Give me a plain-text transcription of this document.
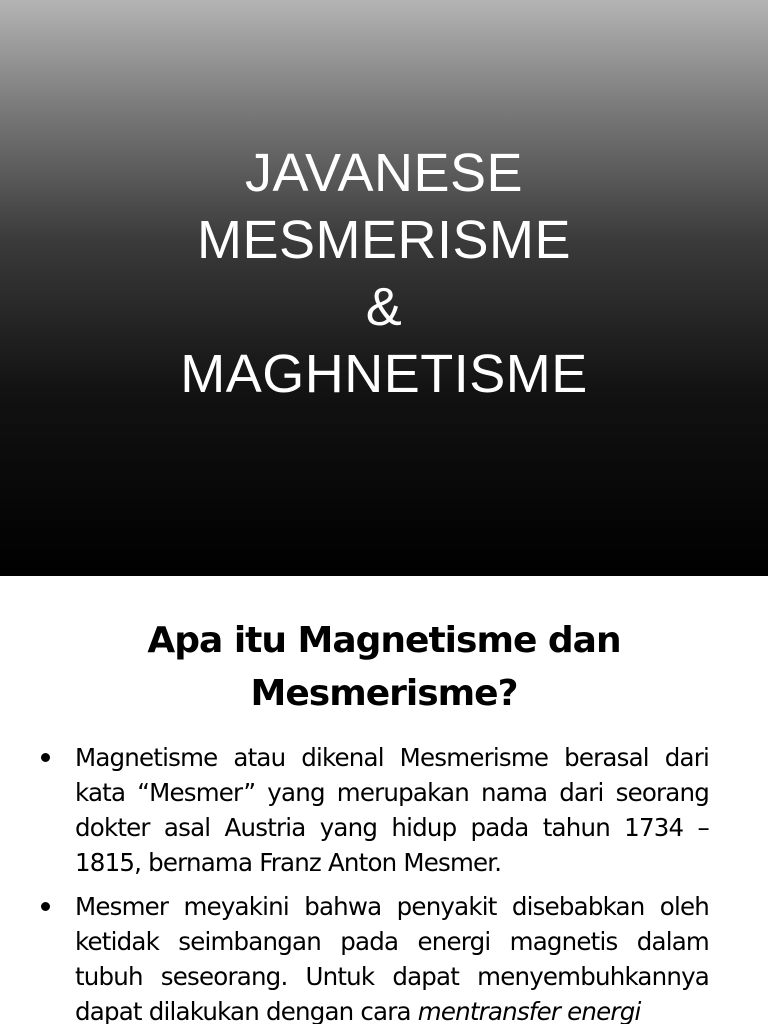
JAVANESE
MESMERISME
&
MAGHNETISME
Apa itu Magnetisme dan
Mesmerisme?
Magnetisme atau dikenal Mesmerisme berasal dari kata “Mesmer” yang merupakan nama dari seorang dokter asal Austria yang hidup pada tahun 1734 – 1815, bernama Franz Anton Mesmer.
Mesmer meyakini bahwa penyakit disebabkan oleh ketidak seimbangan pada energi magnetis dalam tubuh seseorang. Untuk dapat menyembuhkannya dapat dilakukan dengan cara mentransfer energi
